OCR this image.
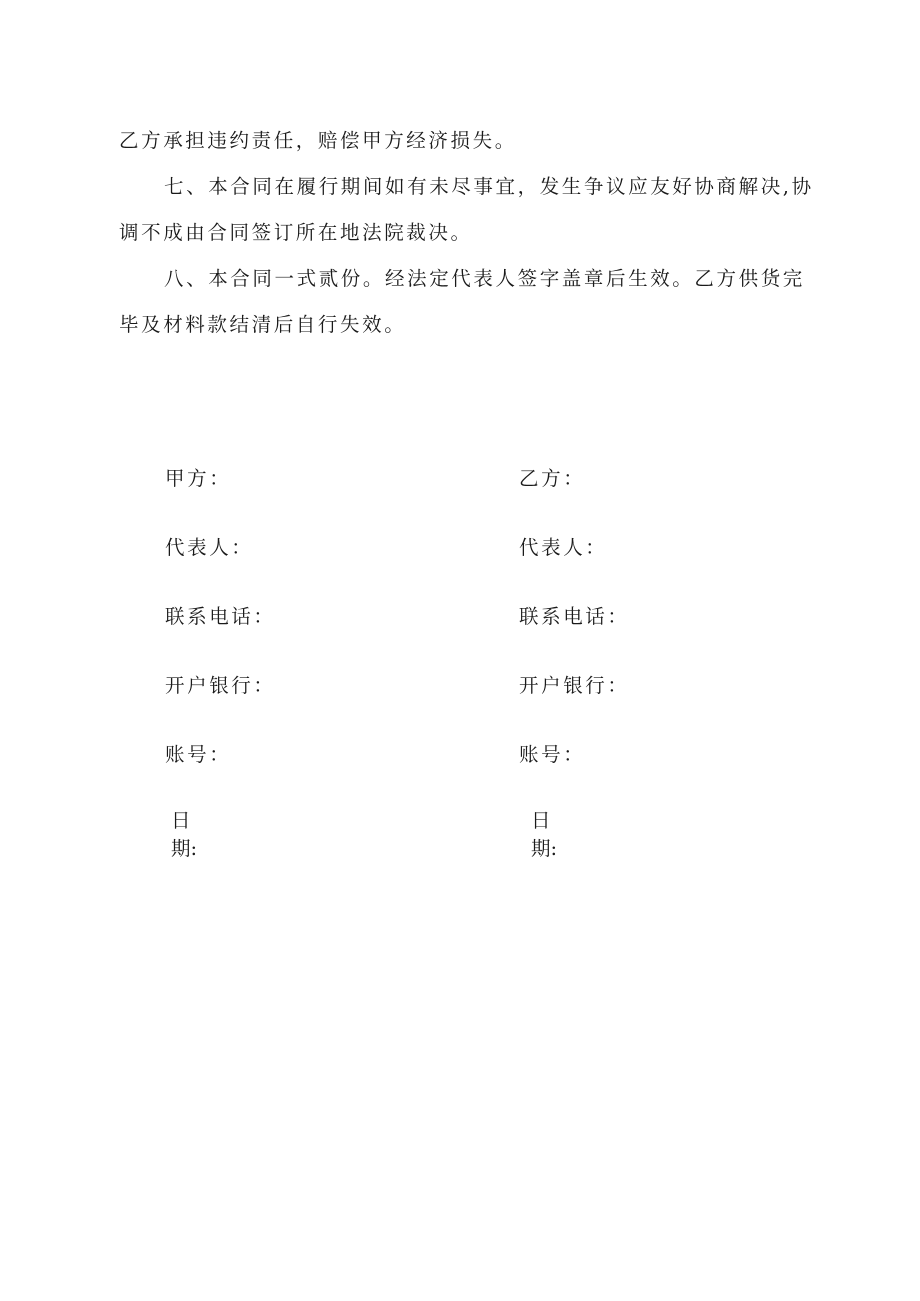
乙方承担违约责任，赔偿甲方经济损失。

七、本合同在履行期间如有未尽事宜，发生争议应友好协商解决,协调不成由合同签订所在地法院裁决。

八、本合同一式贰份。经法定代表人签字盖章后生效。乙方供货完毕及材料款结清后自行失效。

甲方：
代表人：
联系电话：
开户银行：
账号：
日
期:
乙方：
代表人：
联系电话：
开户银行：
账号：
日
期:
